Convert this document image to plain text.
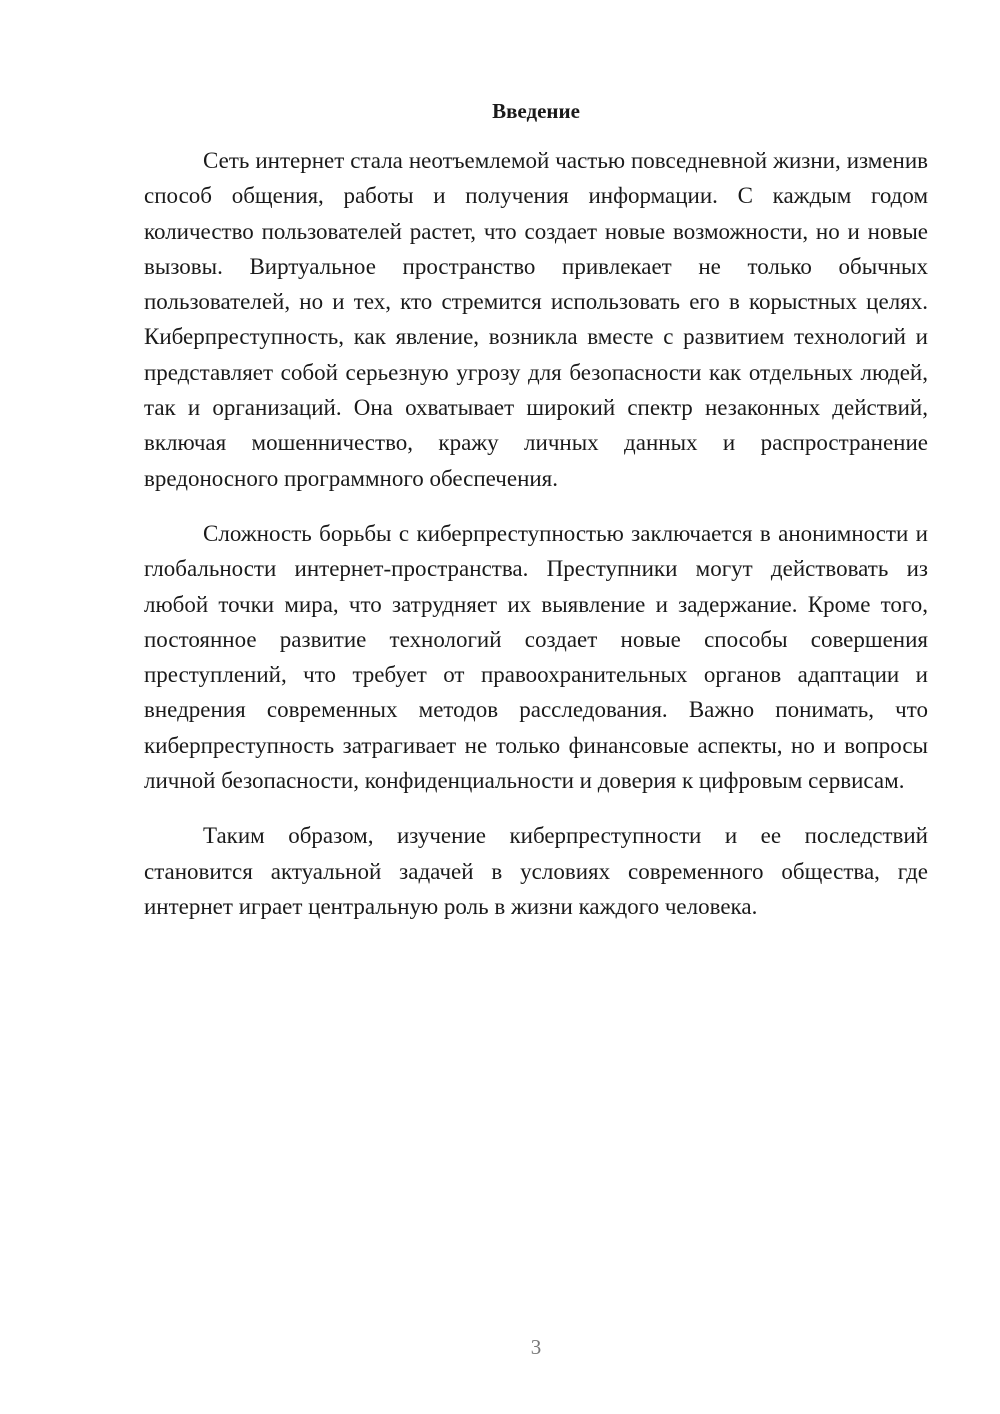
Введение

Сеть интернет стала неотъемлемой частью повседневной жизни, изменив способ общения, работы и получения информации. С каждым годом количество пользователей растет, что создает новые возможности, но и новые вызовы. Виртуальное пространство привлекает не только обычных пользователей, но и тех, кто стремится использовать его в корыстных целях. Киберпреступность, как явление, возникла вместе с развитием технологий и представляет собой серьезную угрозу для безопасности как отдельных людей, так и организаций. Она охватывает широкий спектр незаконных действий, включая мошенничество, кражу личных данных и распространение вредоносного программного обеспечения.

Сложность борьбы с киберпреступностью заключается в анонимности и глобальности интернет-пространства. Преступники могут действовать из любой точки мира, что затрудняет их выявление и задержание. Кроме того, постоянное развитие технологий создает новые способы совершения преступлений, что требует от правоохранительных органов адаптации и внедрения современных методов расследования. Важно понимать, что киберпреступность затрагивает не только финансовые аспекты, но и вопросы личной безопасности, конфиденциальности и доверия к цифровым сервисам.

Таким образом, изучение киберпреступности и ее последствий становится актуальной задачей в условиях современного общества, где интернет играет центральную роль в жизни каждого человека.

3
